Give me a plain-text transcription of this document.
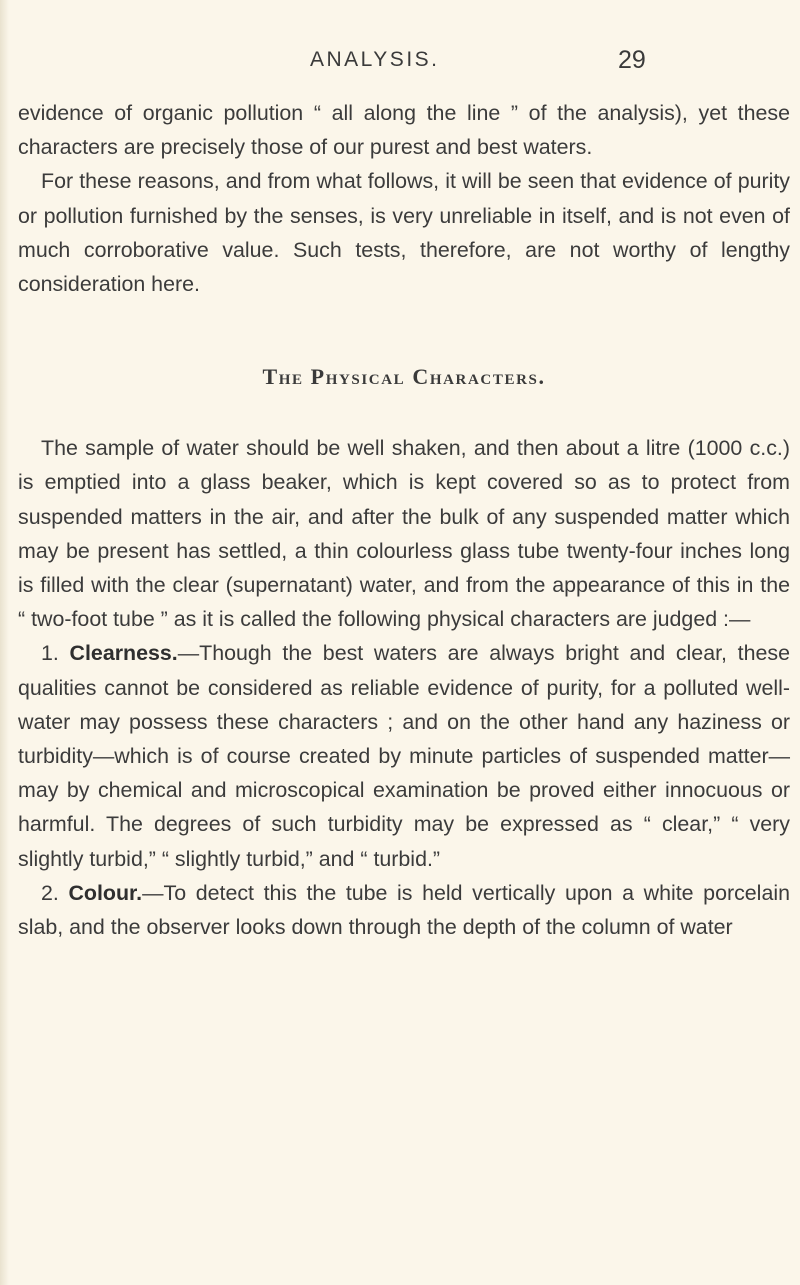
ANALYSIS.	29

evidence of organic pollution “ all along the line ” of the analysis), yet these characters are precisely those of our purest and best waters.

For these reasons, and from what follows, it will be seen that evidence of purity or pollution furnished by the senses, is very unreliable in itself, and is not even of much corroborative value. Such tests, therefore, are not worthy of lengthy consideration here.

The Physical Characters.

The sample of water should be well shaken, and then about a litre (1000 c.c.) is emptied into a glass beaker, which is kept covered so as to protect from suspended matters in the air, and after the bulk of any suspended matter which may be present has settled, a thin colourless glass tube twenty-four inches long is filled with the clear (supernatant) water, and from the appearance of this in the “ two-foot tube ” as it is called the following physical characters are judged :—

1. Clearness.—Though the best waters are always bright and clear, these qualities cannot be considered as reliable evidence of purity, for a polluted well-water may possess these characters ; and on the other hand any haziness or turbidity—which is of course created by minute particles of suspended matter—may by chemical and microscopical examination be proved either innocuous or harmful. The degrees of such turbidity may be expressed as “ clear,” “ very slightly turbid,” “ slightly turbid,” and “ turbid.”

2. Colour.—To detect this the tube is held vertically upon a white porcelain slab, and the observer looks down through the depth of the column of water
